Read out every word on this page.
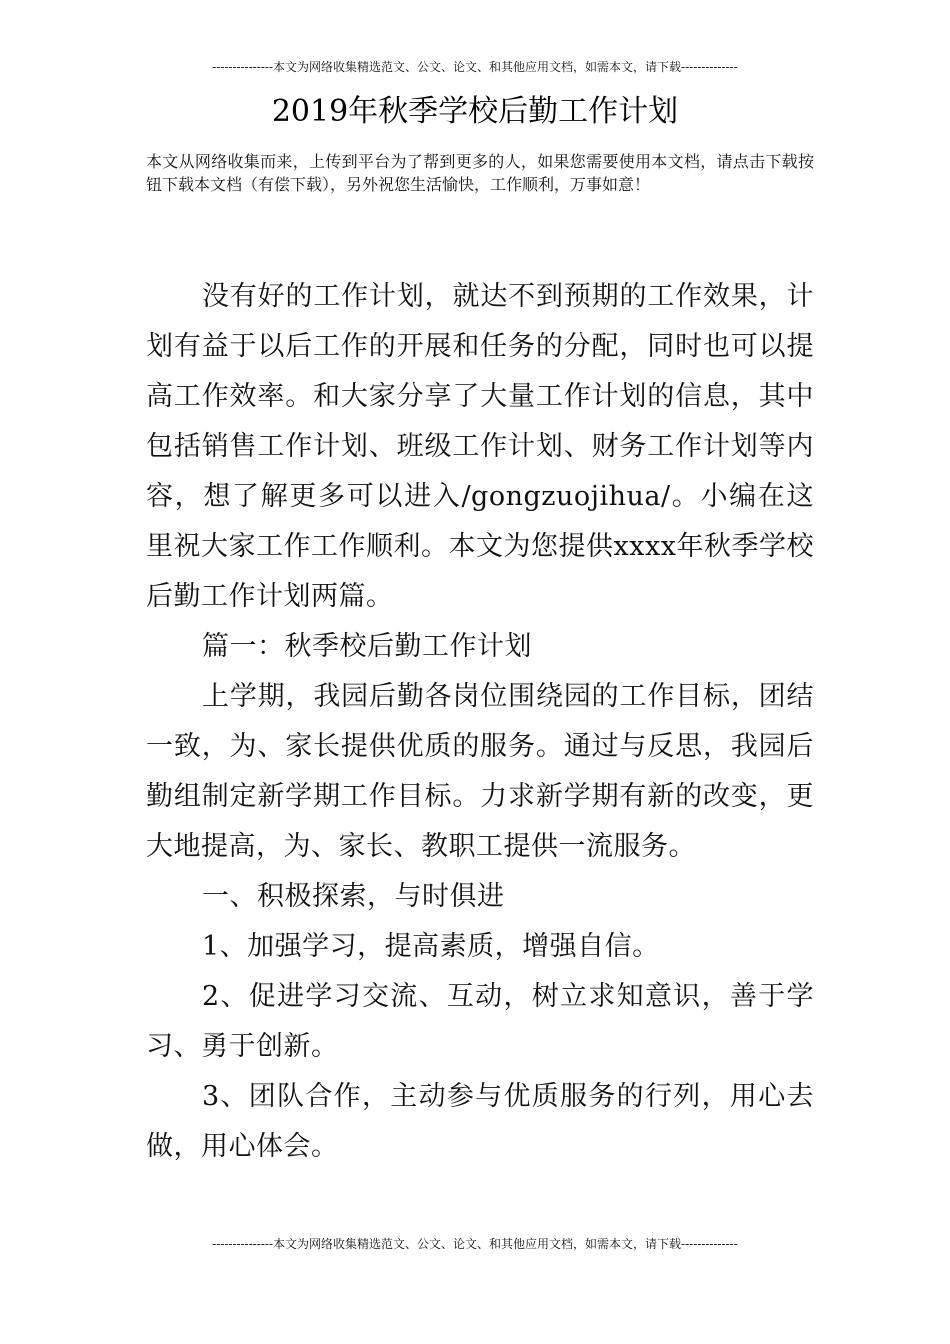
---------------本文为网络收集精选范文、公文、论文、和其他应用文档，如需本文，请下载--------------
2019年秋季学校后勤工作计划

本文从网络收集而来，上传到平台为了帮到更多的人，如果您需要使用本文档，请点击下载按钮下载本文档（有偿下载），另外祝您生活愉快，工作顺利，万事如意！

没有好的工作计划，就达不到预期的工作效果，计划有益于以后工作的开展和任务的分配，同时也可以提高工作效率。和大家分享了大量工作计划的信息，其中包括销售工作计划、班级工作计划、财务工作计划等内容，想了解更多可以进入/gongzuojihua/。小编在这里祝大家工作工作顺利。本文为您提供xxxx年秋季学校后勤工作计划两篇。

篇一：秋季校后勤工作计划

上学期，我园后勤各岗位围绕园的工作目标，团结一致，为、家长提供优质的服务。通过与反思，我园后勤组制定新学期工作目标。力求新学期有新的改变，更大地提高，为、家长、教职工提供一流服务。

一、积极探索，与时俱进

1、加强学习，提高素质，增强自信。

2、促进学习交流、互动，树立求知意识，善于学习、勇于创新。

3、团队合作，主动参与优质服务的行列，用心去做，用心体会。

---------------本文为网络收集精选范文、公文、论文、和其他应用文档，如需本文，请下载--------------
